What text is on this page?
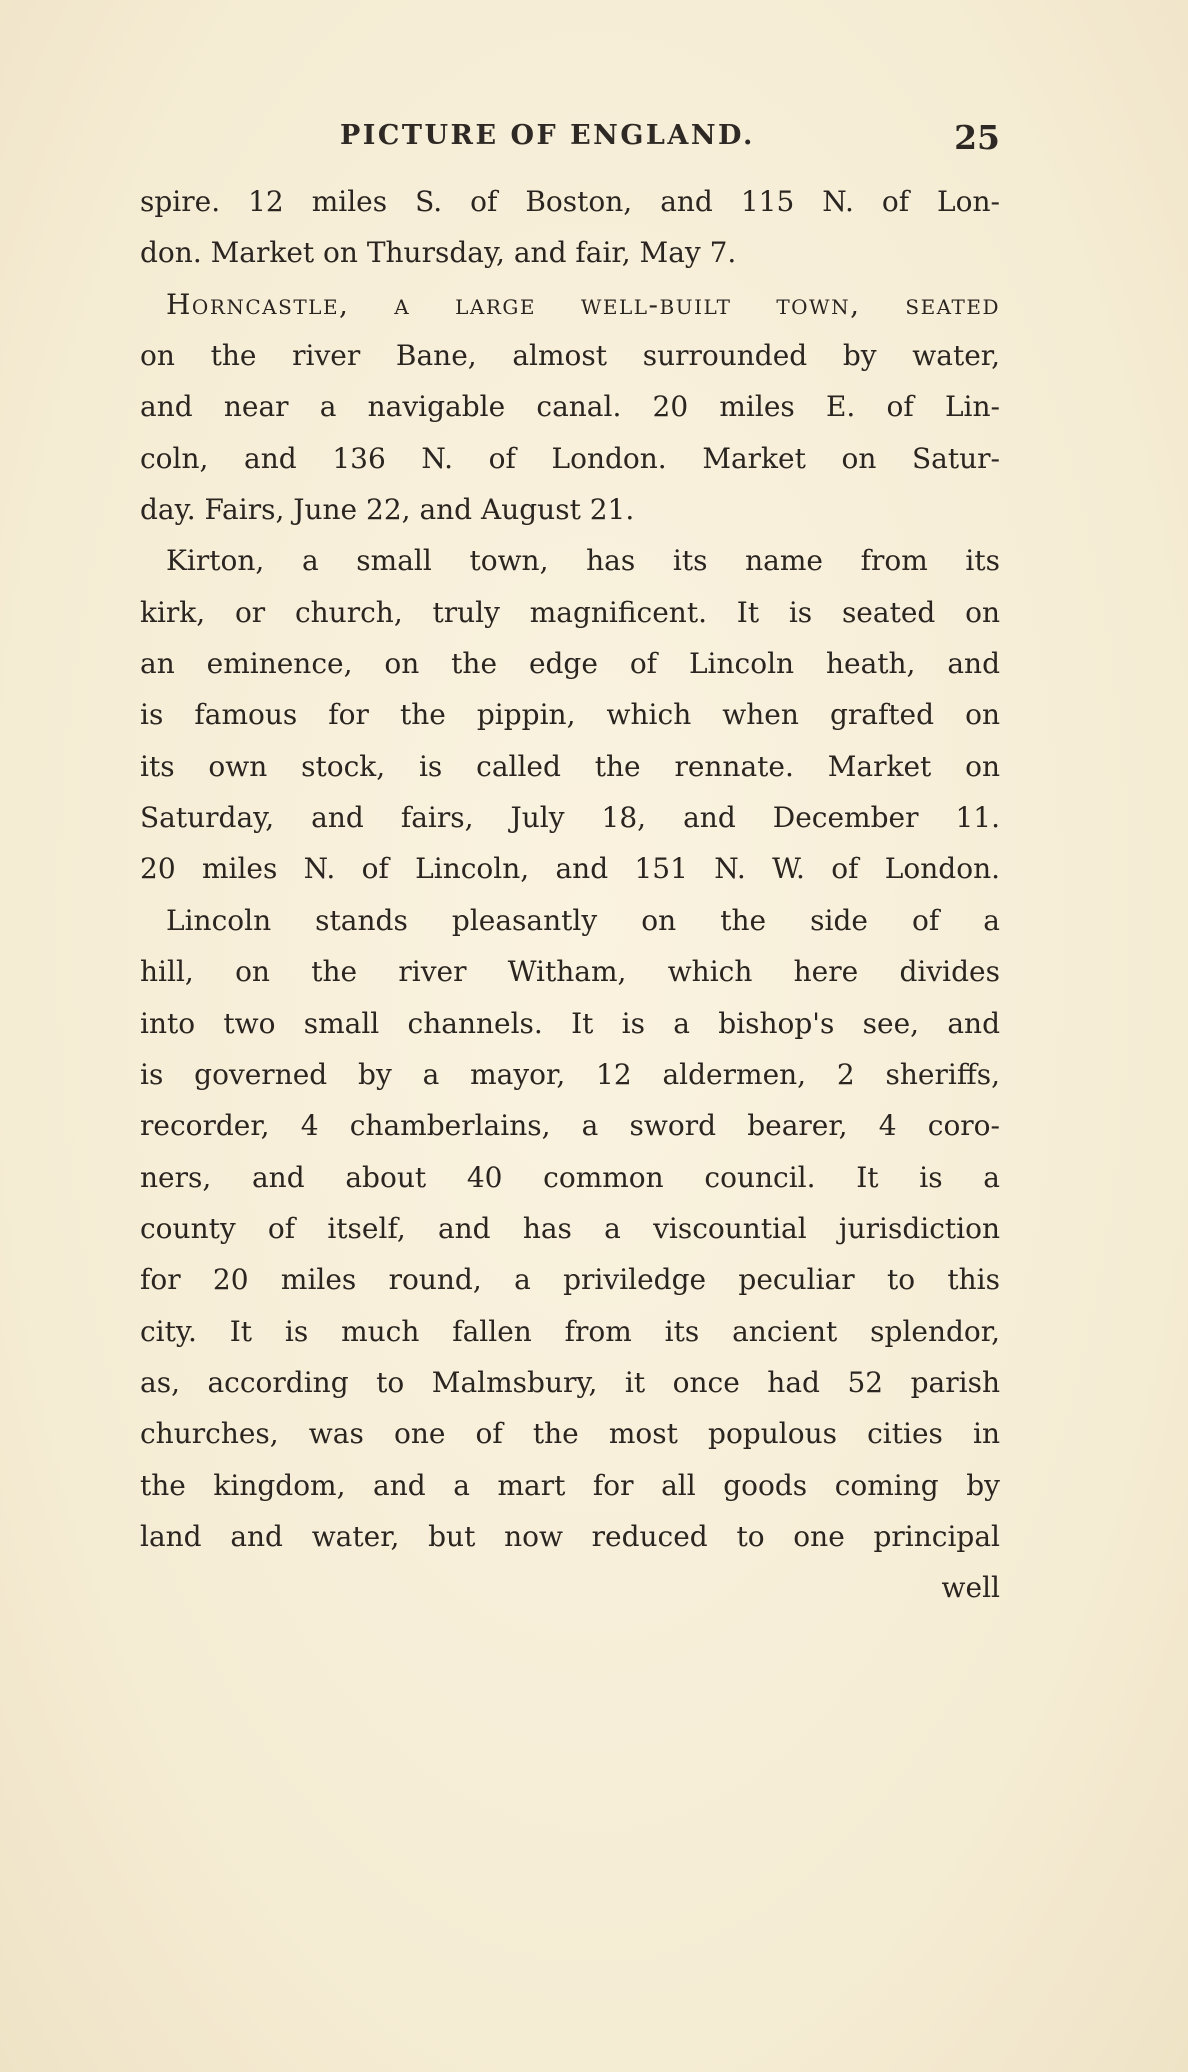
PICTURE OF ENGLAND.	25
spire. 12 miles S. of Boston, and 115 N. of Lon-
don. Market on Thursday, and fair, May 7.
Horncastle, a large well-built town, seated
on the river Bane, almost surrounded by water,
and near a navigable canal. 20 miles E. of Lin-
coln, and 136 N. of London. Market on Satur-
day. Fairs, June 22, and August 21.
Kirton, a small town, has its name from its
kirk, or church, truly magnificent. It is seated on
an eminence, on the edge of Lincoln heath, and
is famous for the pippin, which when grafted on
its own stock, is called the rennate. Market on
Saturday, and fairs, July 18, and December 11.
20 miles N. of Lincoln, and 151 N. W. of London.
Lincoln stands pleasantly on the side of a
hill, on the river Witham, which here divides
into two small channels. It is a bishop's see, and
is governed by a mayor, 12 aldermen, 2 sheriffs,
recorder, 4 chamberlains, a sword bearer, 4 coro-
ners, and about 40 common council. It is a
county of itself, and has a viscountial jurisdiction
for 20 miles round, a priviledge peculiar to this
city. It is much fallen from its ancient splendor,
as, according to Malmsbury, it once had 52 parish
churches, was one of the most populous cities in
the kingdom, and a mart for all goods coming by
land and water, but now reduced to one principal
well
